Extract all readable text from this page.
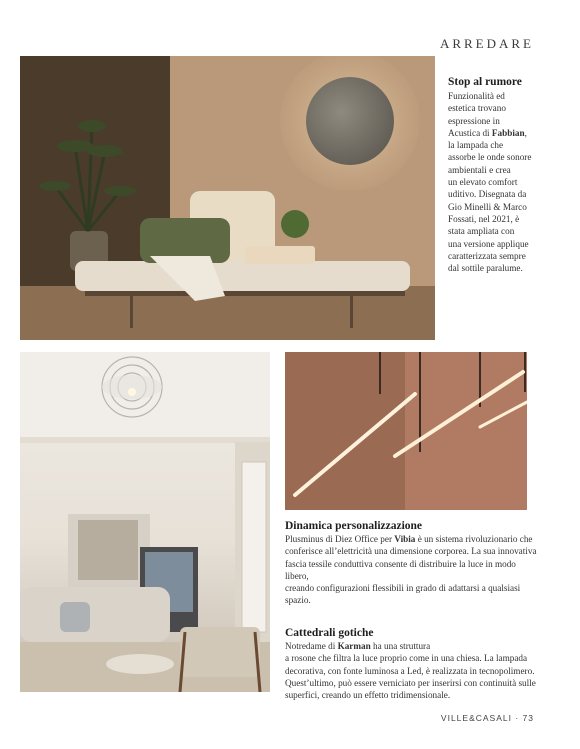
ARREDARE
Stop al rumore
Funzionalità ed
estetica trovano
espressione in
Acustica di Fabbian,
la lampada che
assorbe le onde sonore
ambientali e crea
un elevato comfort
uditivo. Disegnata da
Gio Minelli & Marco
Fossati, nel 2021, è
stata ampliata con
una versione applique
caratterizzata sempre
dal sottile paralume.
Dinamica personalizzazione
Plusminus di Diez Office per Vibia è un sistema rivoluzionario che
conferisce all’elettricità una dimensione corporea. La sua innovativa
fascia tessile conduttiva consente di distribuire la luce in modo libero,
creando configurazioni flessibili in grado di adattarsi a qualsiasi spazio.
Cattedrali gotiche
Notredame di Karman ha una struttura
a rosone che filtra la luce proprio come in una chiesa. La lampada
decorativa, con fonte luminosa a Led, è realizzata in tecnopolimero.
Quest’ultimo, può essere verniciato per inserirsi con continuità sulle
superfici, creando un effetto tridimensionale.
VILLE&CASALI · 73
